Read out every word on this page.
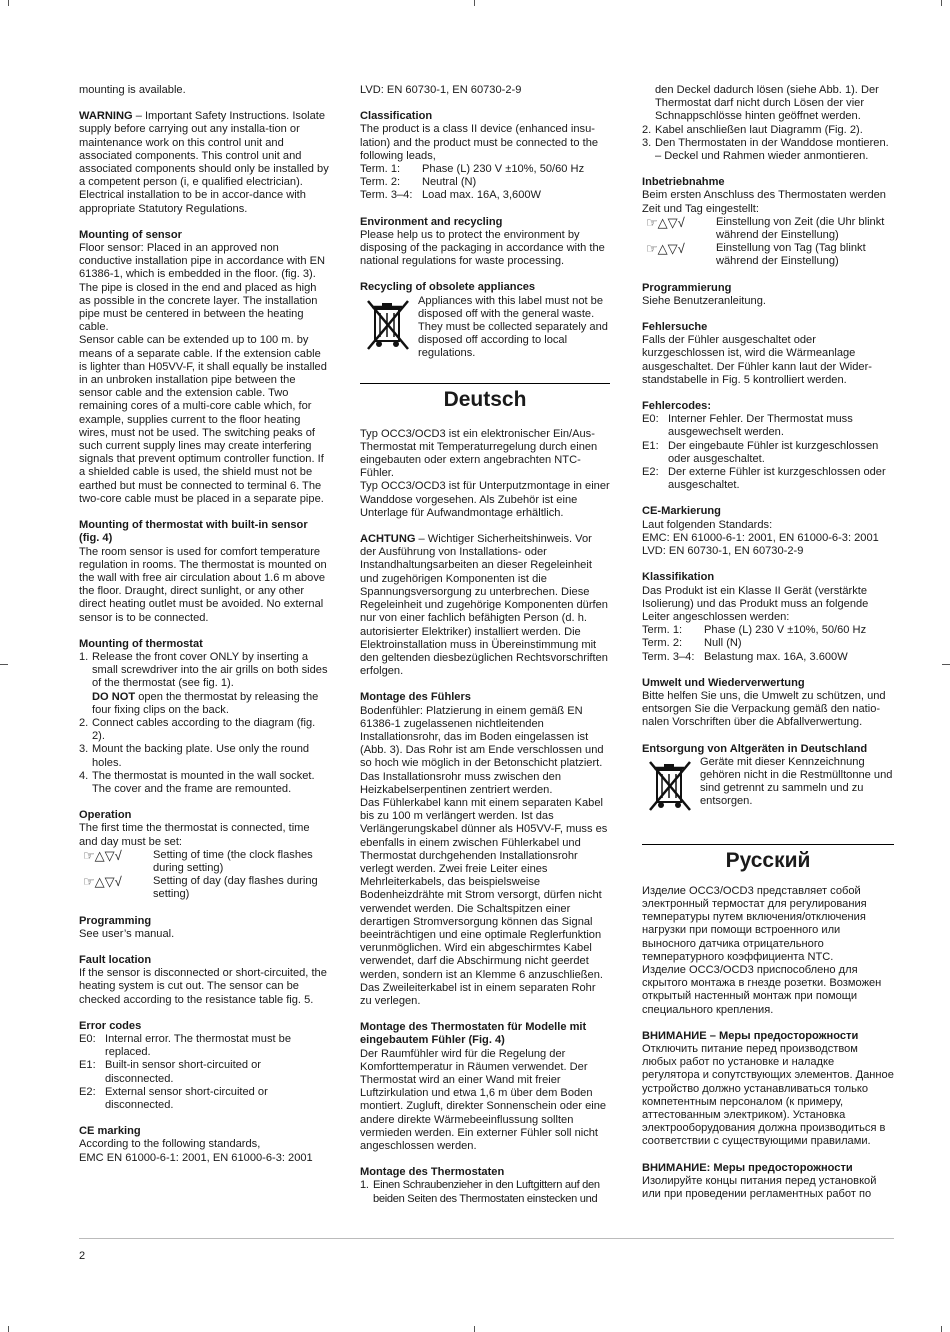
mounting is available.

WARNING – Important Safety Instructions. Isolate supply before carrying out any installa-tion or maintenance work on this control unit and associated components. This control unit and associated components should only be installed by a competent person (i, e qualified electrician). Electrical installation to be in accor-dance with appropriate Statutory Regulations.

Mounting of sensor

Floor sensor: Placed in an approved non conductive installation pipe in accordance with EN 61386-1, which is embedded in the floor. (fig. 3). The pipe is closed in the end and placed as high as possible in the concrete layer. The installation pipe must be centered in between the heating cable.

Sensor cable can be extended up to 100 m. by means of a separate cable. If the extension cable is lighter than H05VV-F, it shall equally be installed in an unbroken installation pipe between the sensor cable and the extension cable. Two remaining cores of a multi-core cable which, for example, supplies current to the floor heating wires, must not be used. The switching peaks of such current supply lines may create interfering signals that prevent optimum controller function. If a shielded cable is used, the shield must not be earthed but must be connected to terminal 6. The two-core cable must be placed in a separate pipe.

Mounting of thermostat with built-in sensor (fig. 4)

The room sensor is used for comfort temperature regulation in rooms. The thermostat is mounted on the wall with free air circulation about 1.6 m above the floor. Draught, direct sunlight, or any other direct heating outlet must be avoided. No external sensor is to be connected.

Mounting of thermostat

1. Release the front cover ONLY by inserting a small screwdriver into the air grills on both sides of the thermostat (see fig. 1).
DO NOT open the thermostat by releasing the four fixing clips on the back.
2. Connect cables according to the diagram (fig. 2).
3. Mount the backing plate. Use only the round holes.
4. The thermostat is mounted in the wall socket. The cover and the frame are remounted.

Operation

The first time the thermostat is connected, time and day must be set:

☞△▽√	Setting of time (the clock flashes during setting)
☞△▽√	Setting of day (day flashes during setting)

Programming

See user’s manual.

Fault location

If the sensor is disconnected or short-circuited, the heating system is cut out. The sensor can be checked according to the resistance table fig. 5.

Error codes

E0: Internal error. The thermostat must be replaced.
E1: Built-in sensor short-circuited or disconnected.
E2: External sensor short-circuited or disconnected.

CE marking

According to the following standards,

EMC EN 61000-6-1: 2001, EN 61000-6-3: 2001

LVD: EN 60730-1, EN 60730-2-9

Classification

The product is a class II device (enhanced insu-lation) and the product must be connected to the following leads,

Term. 1:	Phase (L) 230 V ±10%, 50/60 Hz
Term. 2:	Neutral (N)
Term. 3–4: Load max. 16A, 3,600W

Environment and recycling

Please help us to protect the environment by disposing of the packaging in accordance with the national regulations for waste processing.

Recycling of obsolete appliances

Appliances with this label must not be disposed off with the general waste. They must be collected separately and disposed off according to local regulations.

Deutsch

Typ OCC3/OCD3 ist ein elektronischer Ein/Aus-Thermostat mit Temperaturregelung durch einen eingebauten oder extern angebrachten NTC-Fühler.

Typ OCC3/OCD3 ist für Unterputzmontage in einer Wanddose vorgesehen. Als Zubehör ist eine Unterlage für Aufwandmontage erhältlich.

ACHTUNG – Wichtiger Sicherheitshinweis. Vor der Ausführung von Installations- oder Instandhaltungsarbeiten an dieser Regeleinheit und zugehörigen Komponenten ist die Spannungsversorgung zu unterbrechen. Diese Regeleinheit und zugehörige Komponenten dürfen nur von einer fachlich befähigten Person (d. h. autorisierter Elektriker) installiert werden. Die Elektroinstallation muss in Übereinstimmung mit den geltenden diesbezüglichen Rechtsvorschriften erfolgen.

Montage des Fühlers

Bodenfühler: Platzierung in einem gemäß EN 61386-1 zugelassenen nichtleitenden Installationsrohr, das im Boden eingelassen ist (Abb. 3). Das Rohr ist am Ende verschlossen und so hoch wie möglich in der Betonschicht platziert. Das Installationsrohr muss zwischen den Heizkabelserpentinen zentriert werden.

Das Fühlerkabel kann mit einem separaten Kabel bis zu 100 m verlängert werden. Ist das Verlängerungskabel dünner als H05VV-F, muss es ebenfalls in einem zwischen Fühlerkabel und Thermostat durchgehenden Installationsrohr verlegt werden. Zwei freie Leiter eines Mehrleiterkabels, das beispielsweise Bodenheizdrähte mit Strom versorgt, dürfen nicht verwendet werden. Die Schaltspitzen einer derartigen Stromversorgung können das Signal beeinträchtigen und eine optimale Reglerfunktion verunmöglichen. Wird ein abgeschirmtes Kabel verwendet, darf die Abschirmung nicht geerdet werden, sondern ist an Klemme 6 anzuschließen. Das Zweileiterkabel ist in einem separaten Rohr zu verlegen.

Montage des Thermostaten für Modelle mit eingebautem Fühler (Fig. 4)

Der Raumfühler wird für die Regelung der Komforttemperatur in Räumen verwendet. Der Thermostat wird an einer Wand mit freier Luftzirkulation und etwa 1,6 m über dem Boden montiert. Zugluft, direkter Sonnenschein oder eine andere direkte Wärmebeeinflussung sollten vermieden werden. Ein externer Fühler soll nicht angeschlossen werden.

Montage des Thermostaten

1. Einen Schraubenzieher in den Luftgittern auf den beiden Seiten des Thermostaten einstecken und

den Deckel dadurch lösen (siehe Abb. 1). Der Thermostat darf nicht durch Lösen der vier Schnappschlösse hinten geöffnet werden.

2. Kabel anschließen laut Diagramm (Fig. 2).
3. Den Thermostaten in der Wanddose montieren. – Deckel und Rahmen wieder anmontieren.

Inbetriebnahme

Beim ersten Anschluss des Thermostaten werden Zeit und Tag eingestellt:

☞△▽√	Einstellung von Zeit (die Uhr blinkt während der Einstellung)
☞△▽√	Einstellung von Tag (Tag blinkt während der Einstellung)

Programmierung

Siehe Benutzeranleitung.

Fehlersuche

Falls der Fühler ausgeschaltet oder kurzgeschlossen ist, wird die Wärmeanlage ausgeschaltet. Der Fühler kann laut der Wider-standstabelle in Fig. 5 kontrolliert werden.

Fehlercodes:

E0: Interner Fehler. Der Thermostat muss ausgewechselt werden.
E1: Der eingebaute Fühler ist kurzgeschlossen oder ausgeschaltet.
E2: Der externe Fühler ist kurzgeschlossen oder ausgeschaltet.

CE-Markierung

Laut folgenden Standards:

EMC: EN 61000-6-1: 2001, EN 61000-6-3: 2001

LVD: EN 60730-1, EN 60730-2-9

Klassifikation

Das Produkt ist ein Klasse II Gerät (verstärkte Isolierung) und das Produkt muss an folgende Leiter angeschlossen werden:

Term. 1:	Phase (L) 230 V ±10%, 50/60 Hz
Term. 2:	Null (N)
Term. 3–4: Belastung max. 16A, 3.600W

Umwelt und Wiederverwertung

Bitte helfen Sie uns, die Umwelt zu schützen, und entsorgen Sie die Verpackung gemäß den natio-nalen Vorschriften über die Abfallverwertung.

Entsorgung von Altgeräten in Deutschland

Geräte mit dieser Kennzeichnung gehören nicht in die Restmülltonne und sind getrennt zu sammeln und zu entsorgen.

Русский

Изделие OCC3/OCD3 представляет собой электронный термостат для регулирования температуры путем включения/отключения нагрузки при помощи встроенного или выносного датчика отрицательного температурного коэффициента NTC.

Изделие OCC3/OCD3 приспособлено для скрытого монтажа в гнезде розетки. Возможен открытый настенный монтаж при помощи специального крепления.

ВНИМАНИЕ – Меры предосторожности

Отключить питание перед производством любых работ по установке и наладке регулятора и сопутствующих элементов. Данное устройство должно устанавливаться только компетентным персоналом (к примеру, аттестованным электриком). Установка электрооборудования должна производиться в соответствии с существующими правилами.

ВНИМАНИЕ: Меры предосторожности

Изолируйте концы питания перед установкой или при проведении регламентных работ по

2
